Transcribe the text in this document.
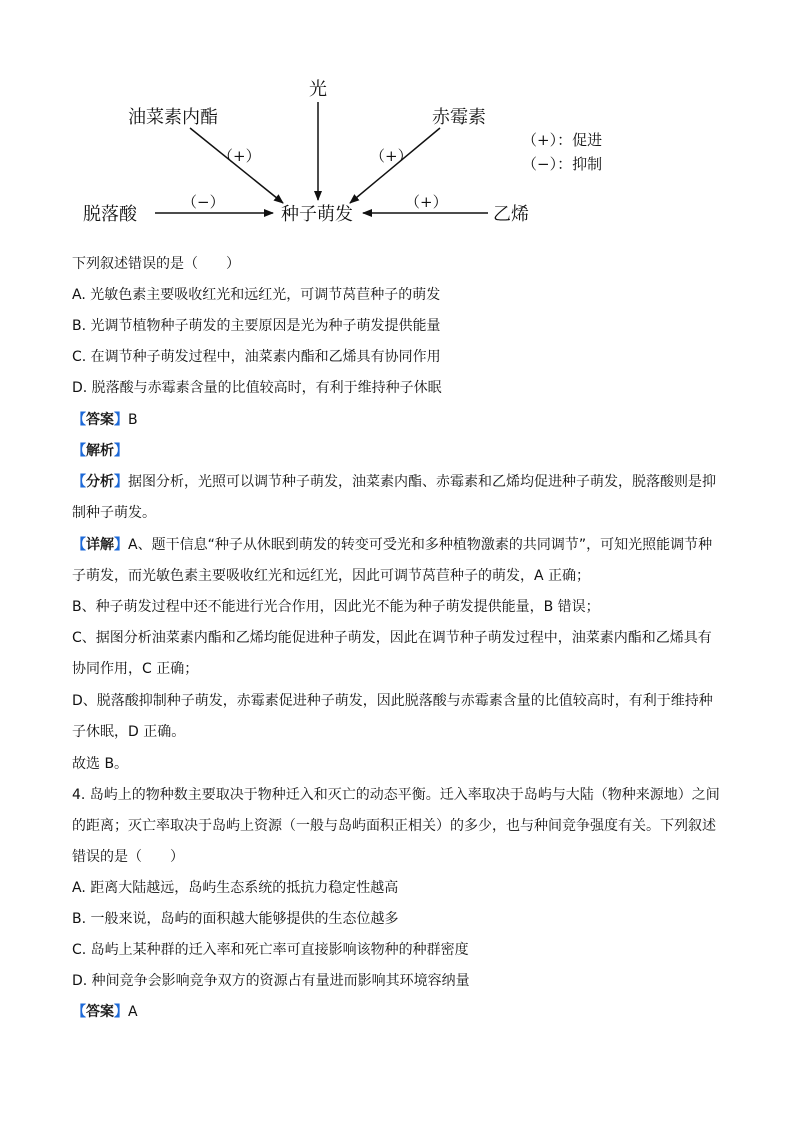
光
油菜素内酯	赤霉素
脱落酸	种子萌发	乙烯
（+）	（+）
（−）	（+）
（+）：促进
（−）：抑制
下列叙述错误的是（　　）
A. 光敏色素主要吸收红光和远红光，可调节莴苣种子的萌发
B. 光调节植物种子萌发的主要原因是光为种子萌发提供能量
C. 在调节种子萌发过程中，油菜素内酯和乙烯具有协同作用
D. 脱落酸与赤霉素含量的比值较高时，有利于维持种子休眠
【答案】B
【解析】
【分析】据图分析，光照可以调节种子萌发，油菜素内酯、赤霉素和乙烯均促进种子萌发，脱落酸则是抑
制种子萌发。
【详解】A、题干信息“种子从休眠到萌发的转变可受光和多种植物激素的共同调节”，可知光照能调节种
子萌发，而光敏色素主要吸收红光和远红光，因此可调节莴苣种子的萌发，A 正确；
B、种子萌发过程中还不能进行光合作用，因此光不能为种子萌发提供能量，B 错误；
C、据图分析油菜素内酯和乙烯均能促进种子萌发，因此在调节种子萌发过程中，油菜素内酯和乙烯具有
协同作用，C 正确；
D、脱落酸抑制种子萌发，赤霉素促进种子萌发，因此脱落酸与赤霉素含量的比值较高时，有利于维持种
子休眠，D 正确。
故选 B。
4. 岛屿上的物种数主要取决于物种迁入和灭亡的动态平衡。迁入率取决于岛屿与大陆（物种来源地）之间
的距离；灭亡率取决于岛屿上资源（一般与岛屿面积正相关）的多少，也与种间竞争强度有关。下列叙述
错误的是（　　）
A. 距离大陆越远，岛屿生态系统的抵抗力稳定性越高
B. 一般来说，岛屿的面积越大能够提供的生态位越多
C. 岛屿上某种群的迁入率和死亡率可直接影响该物种的种群密度
D. 种间竞争会影响竞争双方的资源占有量进而影响其环境容纳量
【答案】A
